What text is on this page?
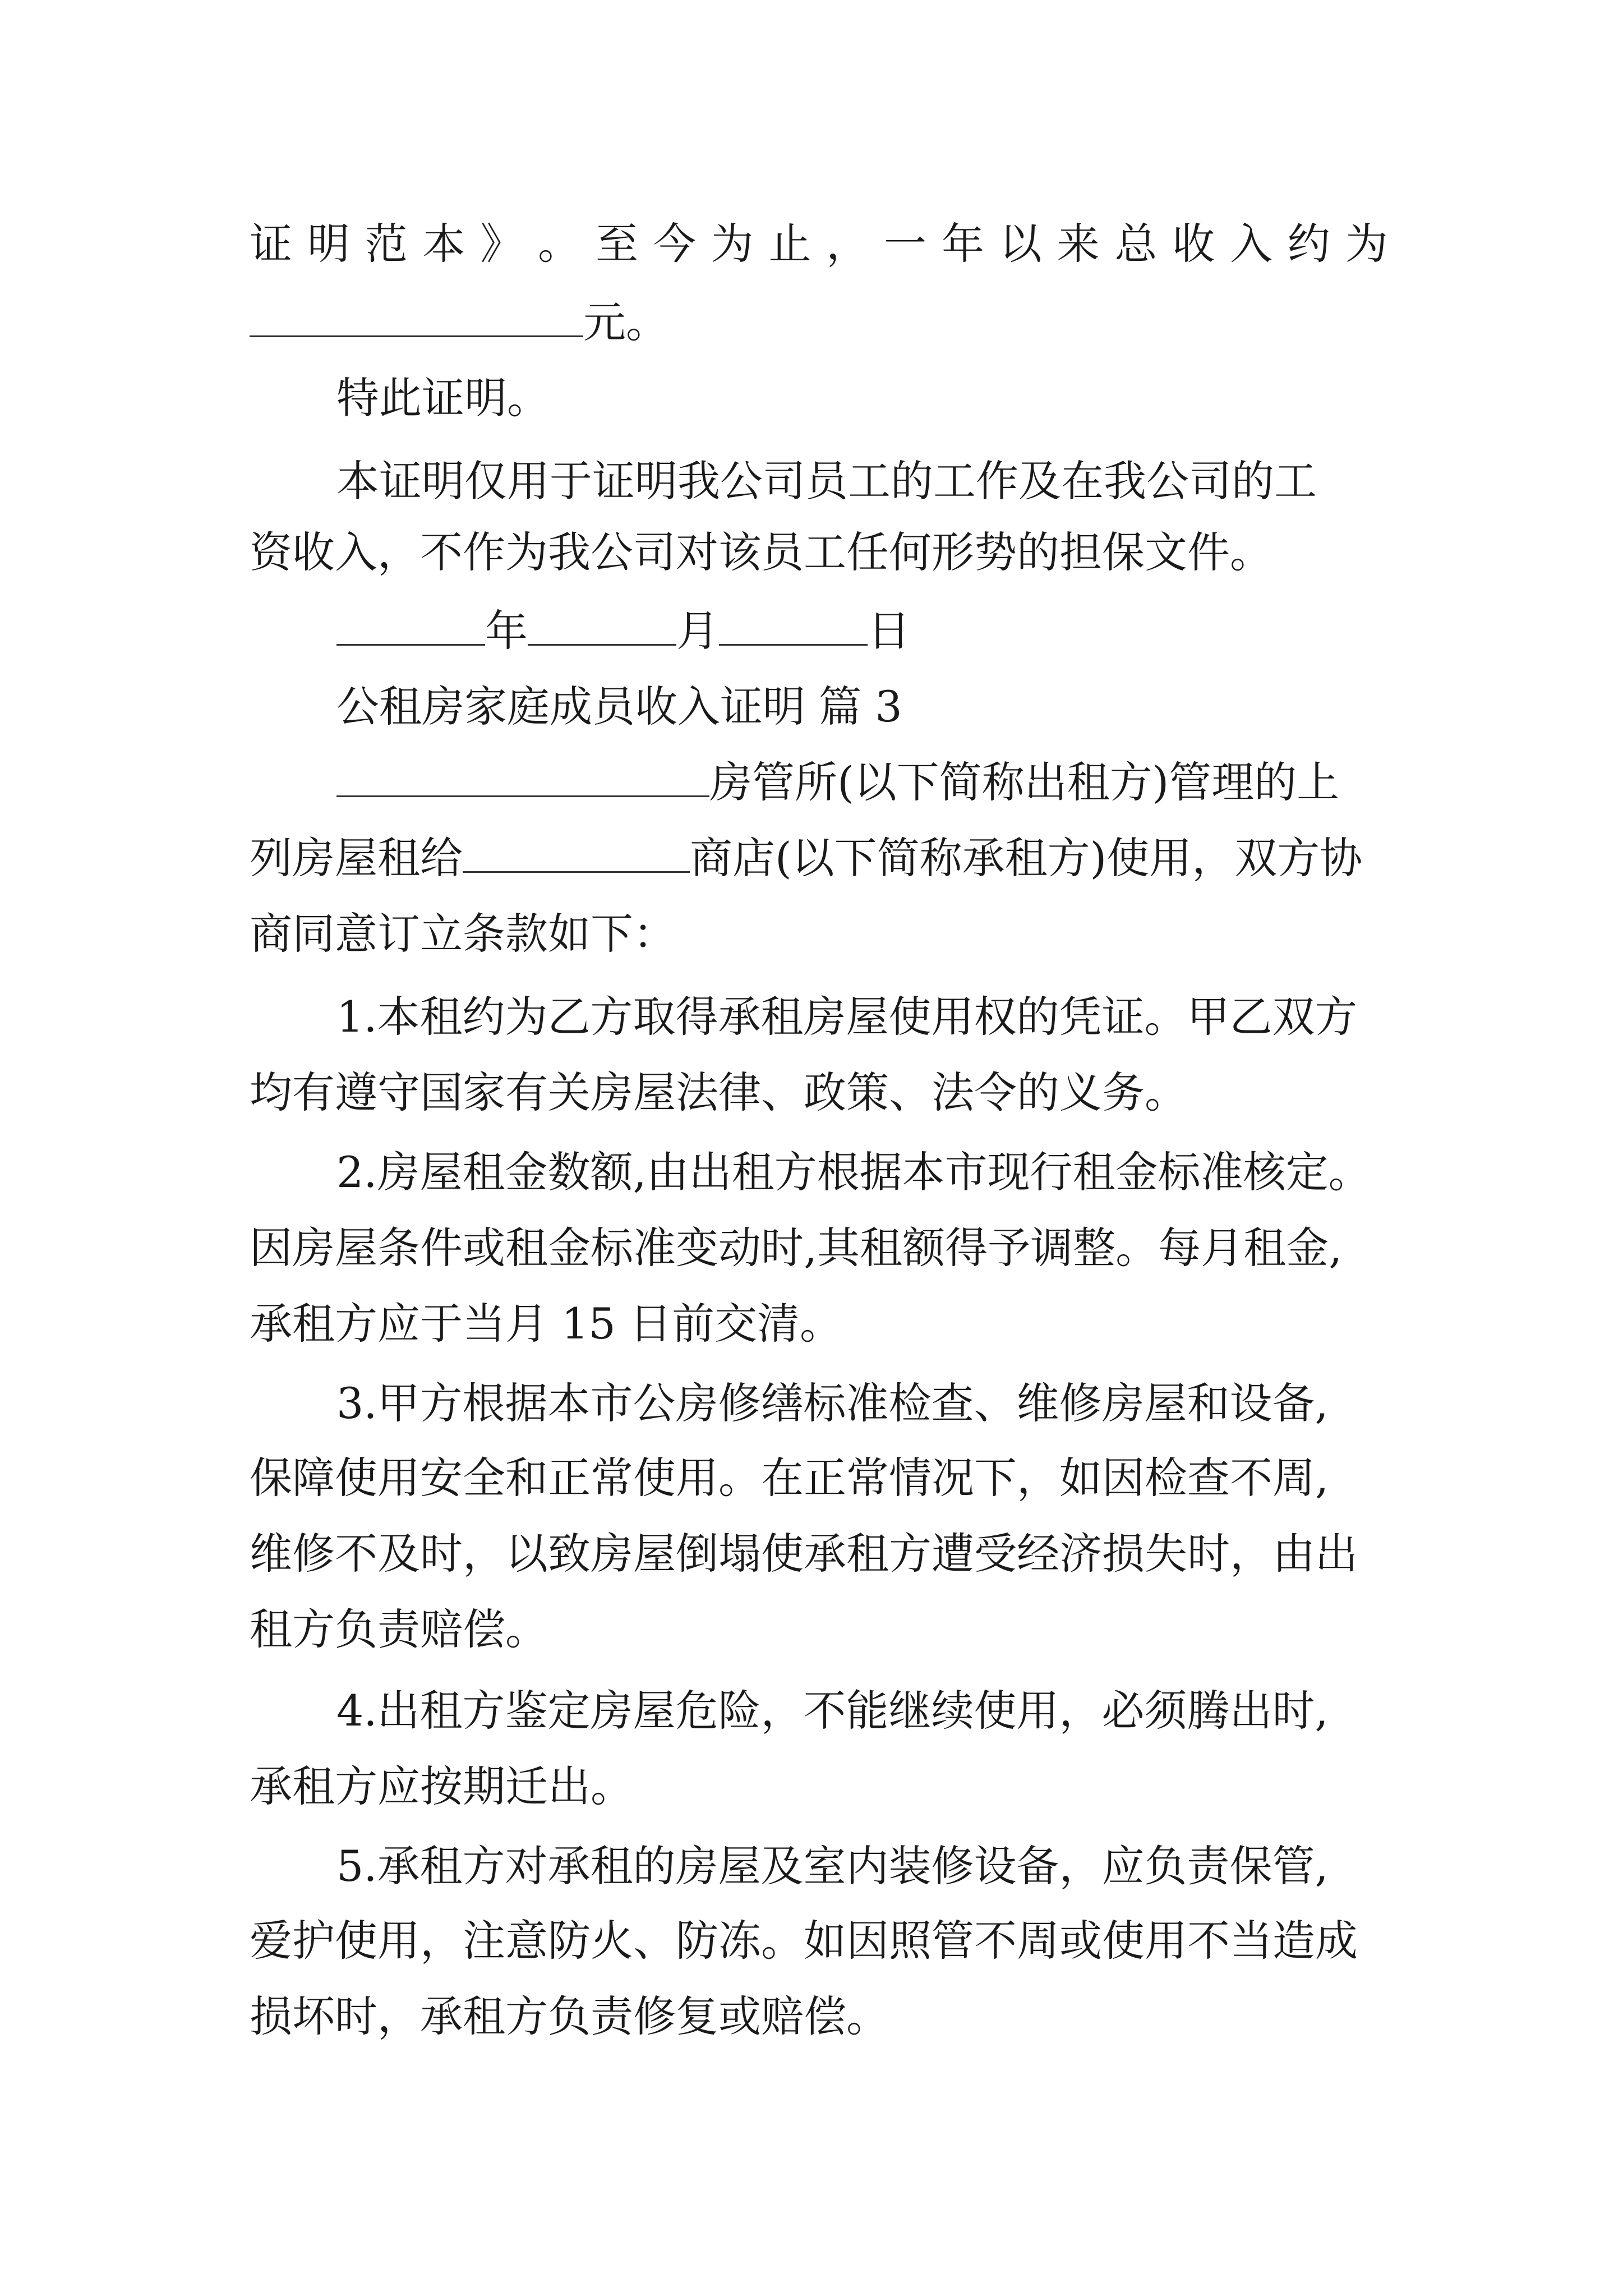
证 明 范 本 》 。 至 今 为 止 ， 一 年 以 来 总 收 入 约 为
元。
特此证明。
本证明仅用于证明我公司员工的工作及在我公司的工
资收入，不作为我公司对该员工任何形势的担保文件。
年	月	日
公租房家庭成员收入证明 篇 3
房管所(以下简称出租方)管理的上
列房屋租给	商店(以下简称承租方)使用，双方协
商同意订立条款如下：
1.本租约为乙方取得承租房屋使用权的凭证。甲乙双方
均有遵守国家有关房屋法律、政策、法令的义务。
2.房屋租金数额,由出租方根据本市现行租金标准核定。
因房屋条件或租金标准变动时,其租额得予调整。每月租金,
承租方应于当月 15 日前交清。
3.甲方根据本市公房修缮标准检查、维修房屋和设备,
保障使用安全和正常使用。在正常情况下，如因检查不周,
维修不及时，以致房屋倒塌使承租方遭受经济损失时，由出
租方负责赔偿。
4.出租方鉴定房屋危险，不能继续使用，必须腾出时,
承租方应按期迁出。
5.承租方对承租的房屋及室内装修设备，应负责保管,
爱护使用，注意防火、防冻。如因照管不周或使用不当造成
损坏时，承租方负责修复或赔偿。
